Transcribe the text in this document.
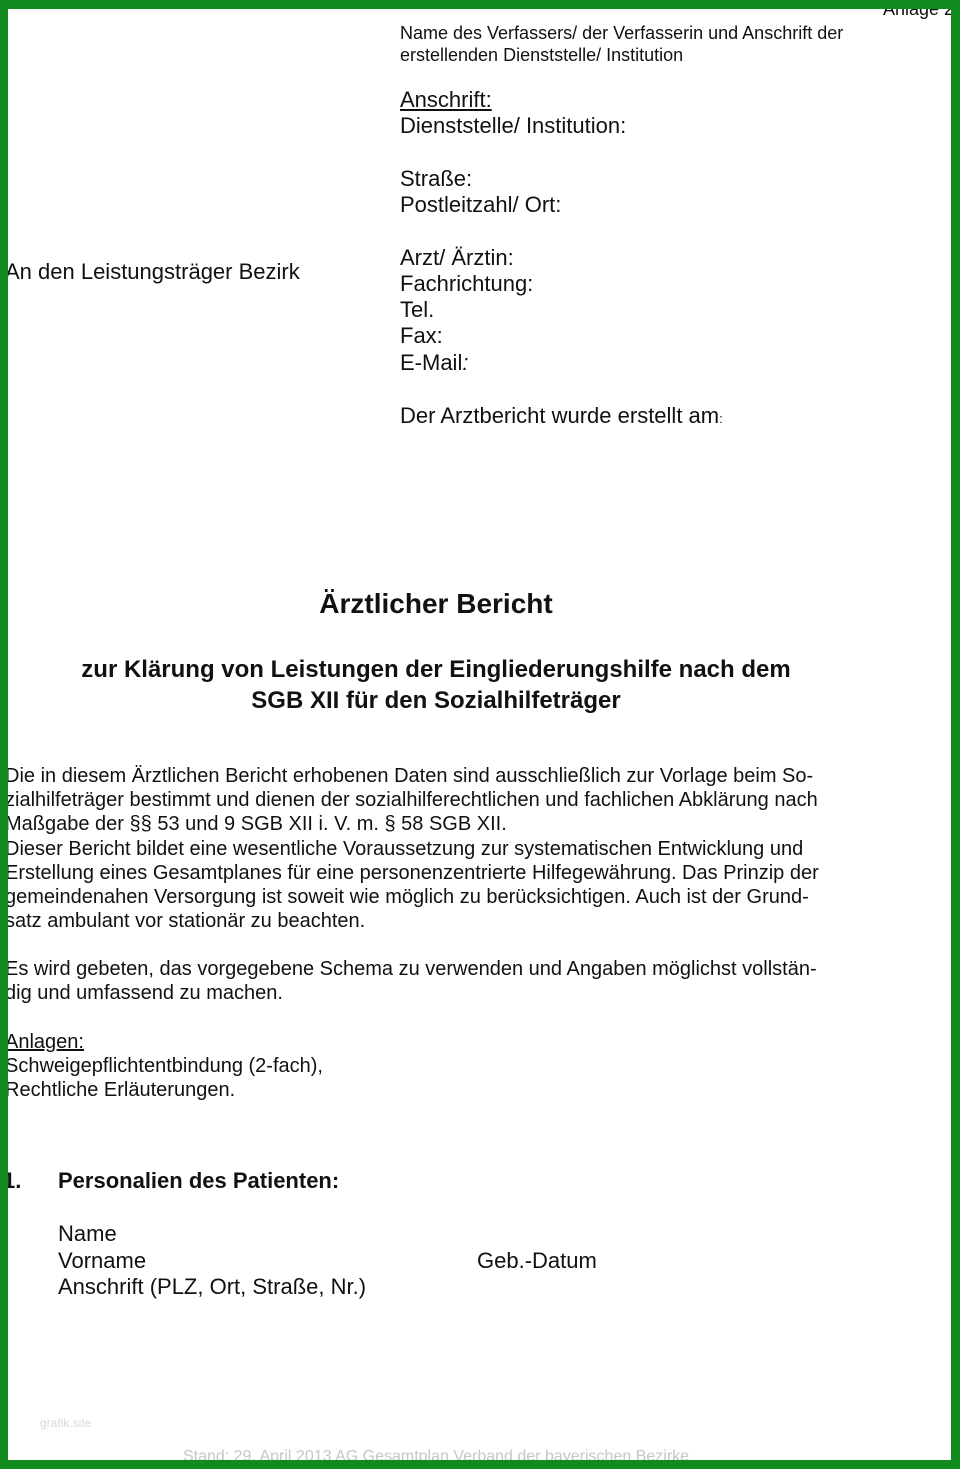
Anlage 2
Name des Verfassers/ der Verfasserin und Anschrift der
erstellenden Dienststelle/ Institution
Anschrift:
Dienststelle/ Institution:
Straße:
Postleitzahl/ Ort:
Arzt/ Ärztin:
Fachrichtung:
Tel.
Fax:
E-Mail:
Der Arztbericht wurde erstellt am:
An den Leistungsträger Bezirk
Ärztlicher Bericht
zur Klärung von Leistungen der Eingliederungshilfe nach dem
SGB XII für den Sozialhilfeträger
Die in diesem Ärztlichen Bericht erhobenen Daten sind ausschließlich zur Vorlage beim So-
zialhilfeträger bestimmt und dienen der sozialhilferechtlichen und fachlichen Abklärung nach
Maßgabe der §§ 53 und 9 SGB XII i. V. m. § 58 SGB XII.
Dieser Bericht bildet eine wesentliche Voraussetzung zur systematischen Entwicklung und
Erstellung eines Gesamtplanes für eine personenzentrierte Hilfegewährung. Das Prinzip der
gemeindenahen Versorgung ist soweit wie möglich zu berücksichtigen. Auch ist der Grund-
satz ambulant vor stationär zu beachten.
Es wird gebeten, das vorgegebene Schema zu verwenden und Angaben möglichst vollstän-
dig und umfassend zu machen.
Anlagen:
Schweigepflichtentbindung (2-fach),
Rechtliche Erläuterungen.
1. Personalien des Patienten:
Name
Vorname	Geb.-Datum
Anschrift (PLZ, Ort, Straße, Nr.)
grafik.site
Stand: 29. April 2013 AG Gesamtplan Verband der bayerischen Bezirke
